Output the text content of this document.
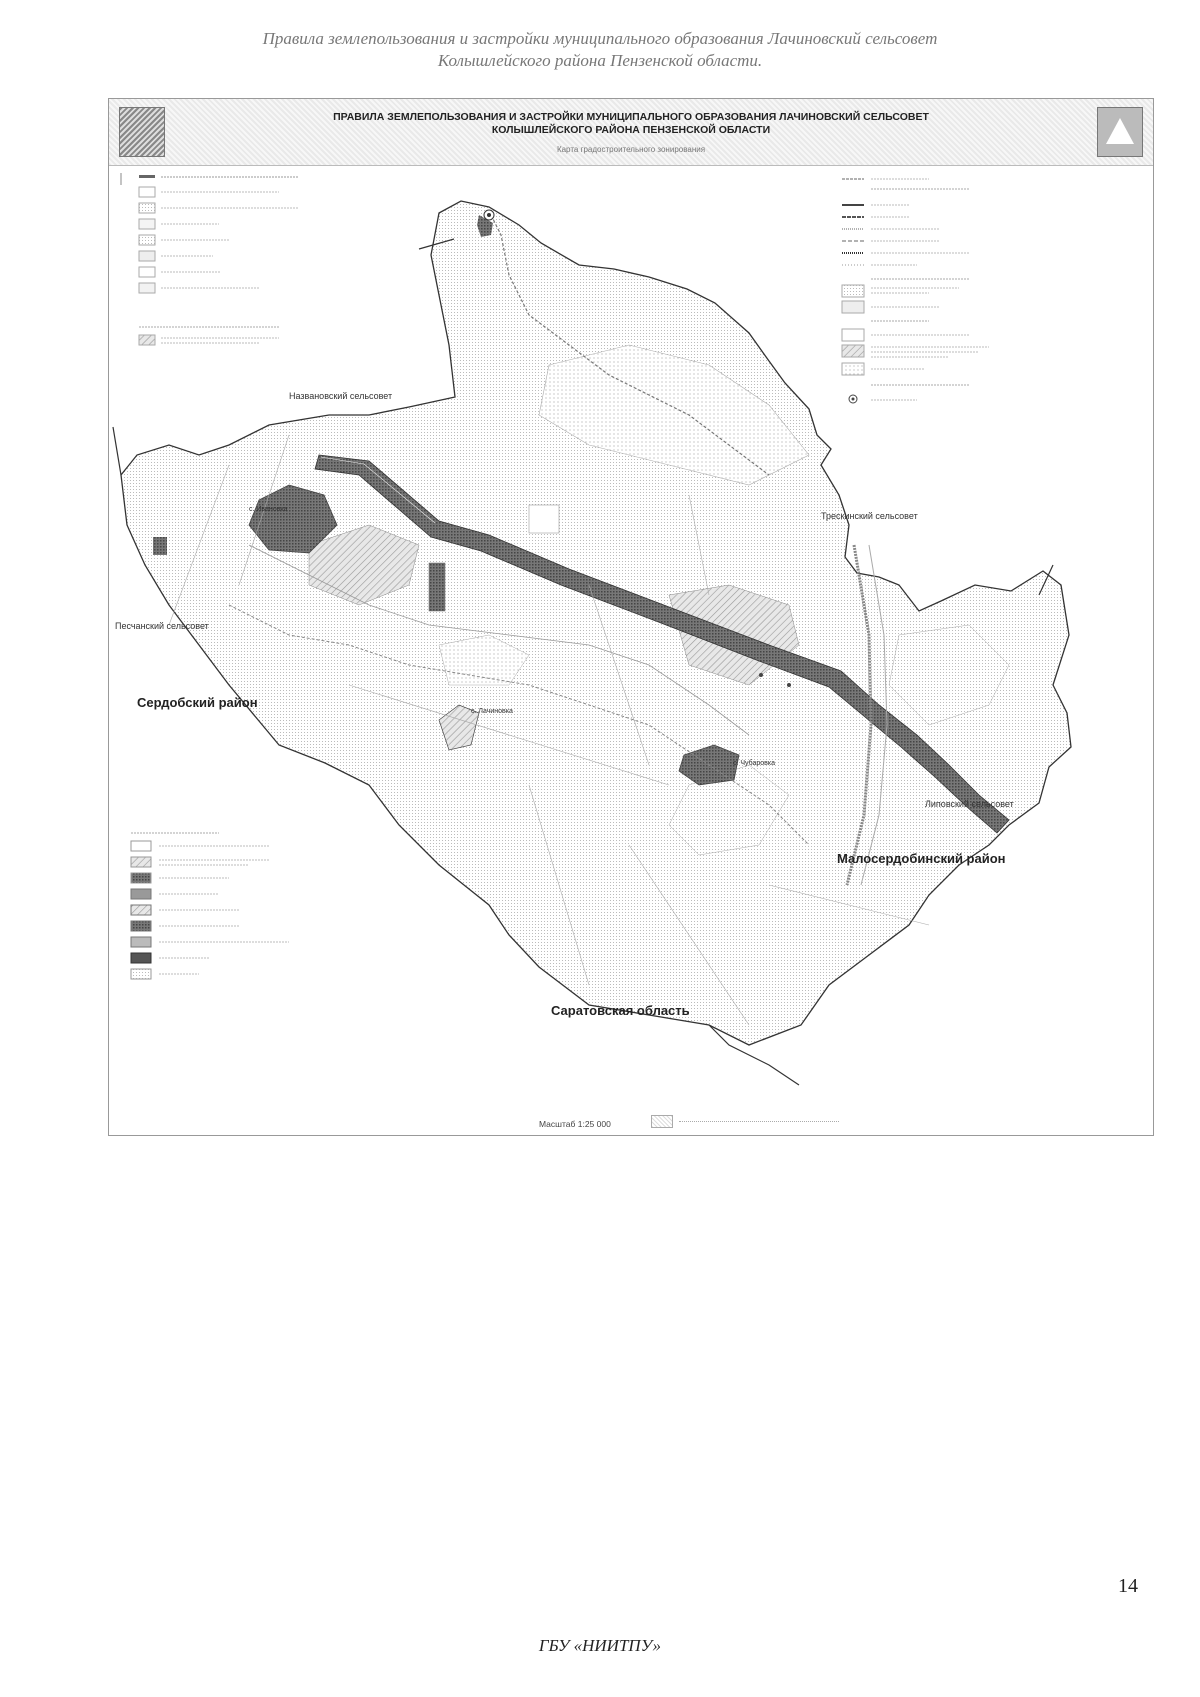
Правила землепользования и застройки муниципального образования Лачиновский сельсовет
Колышлейского района Пензенской области.
ПРАВИЛА ЗЕМЛЕПОЛЬЗОВАНИЯ И ЗАСТРОЙКИ МУНИЦИПАЛЬНОГО ОБРАЗОВАНИЯ ЛАЧИНОВСКИЙ СЕЛЬСОВЕТ
КОЛЫШЛЕЙСКОГО РАЙОНА ПЕНЗЕНСКОЙ ОБЛАСТИ
Карта градостроительного зонирования
с. Ивановка
с. Лачиновка
с. Чубаровка
Названовский сельсовет
Трескинский сельсовет
Песчанский сельсовет
Липовский сельсовет
Сердобский район
Малосердобинский район
Саратовская область
Масштаб 1:25 000
14
ГБУ «НИИТПУ»
